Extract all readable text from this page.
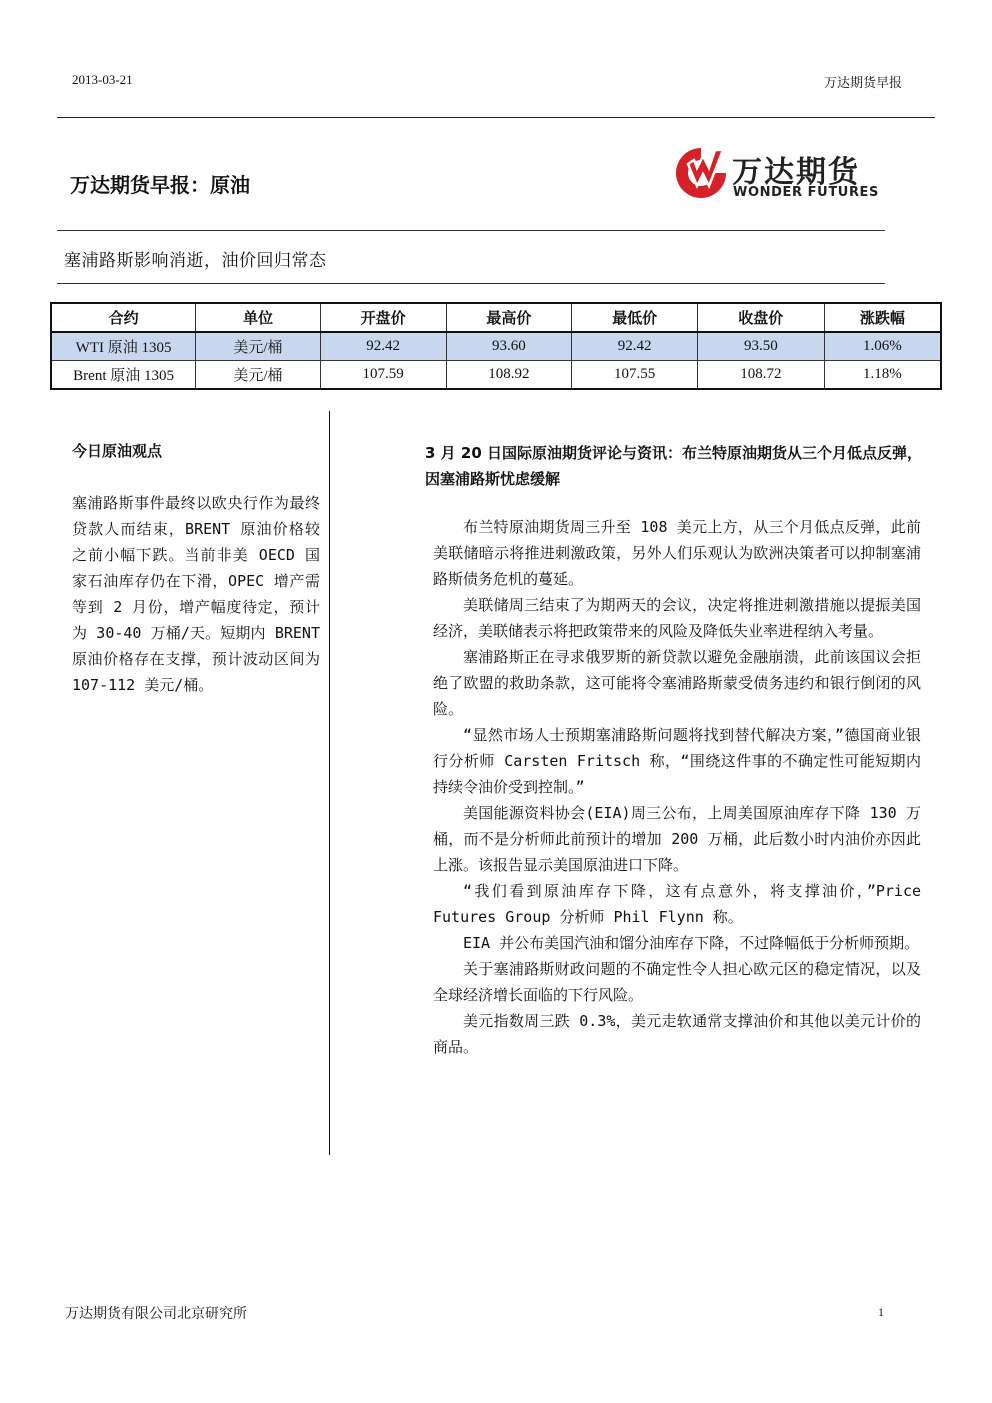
2013-03-21	万达期货早报
万达期货早报：原油	万达期货
WONDER FUTURES
塞浦路斯影响消逝，油价回归常态
合约	单位	开盘价	最高价	最低价	收盘价	涨跌幅
WTI 原油 1305	美元/桶	92.42	93.60	92.42	93.50	1.06%
Brent 原油 1305	美元/桶	107.59	108.92	107.55	108.72	1.18%
今日原油观点
塞浦路斯事件最终以欧央行作为最终贷款人而结束，BRENT 原油价格较之前小幅下跌。当前非美 OECD 国家石油库存仍在下滑，OPEC 增产需等到 2 月份，增产幅度待定，预计为 30-40 万桶/天。短期内 BRENT 原油价格存在支撑，预计波动区间为 107-112 美元/桶。
3 月 20 日国际原油期货评论与资讯：布兰特原油期货从三个月低点反弹，因塞浦路斯忧虑缓解

布兰特原油期货周三升至 108 美元上方，从三个月低点反弹，此前美联储暗示将推进刺激政策，另外人们乐观认为欧洲决策者可以抑制塞浦路斯债务危机的蔓延。

美联储周三结束了为期两天的会议，决定将推进刺激措施以提振美国经济，美联储表示将把政策带来的风险及降低失业率进程纳入考量。

塞浦路斯正在寻求俄罗斯的新贷款以避免金融崩溃，此前该国议会拒绝了欧盟的救助条款，这可能将令塞浦路斯蒙受债务违约和银行倒闭的风险。

“显然市场人士预期塞浦路斯问题将找到替代解决方案，”德国商业银行分析师 Carsten Fritsch 称，“围绕这件事的不确定性可能短期内持续令油价受到控制。”

美国能源资料协会(EIA)周三公布，上周美国原油库存下降 130 万桶，而不是分析师此前预计的增加 200 万桶，此后数小时内油价亦因此上涨。该报告显示美国原油进口下降。

“我们看到原油库存下降，这有点意外，将支撑油价，”Price Futures Group 分析师 Phil Flynn 称。

EIA 并公布美国汽油和馏分油库存下降，不过降幅低于分析师预期。

关于塞浦路斯财政问题的不确定性令人担心欧元区的稳定情况，以及全球经济增长面临的下行风险。

美元指数周三跌 0.3%，美元走软通常支撑油价和其他以美元计价的商品。

万达期货有限公司北京研究所	1
